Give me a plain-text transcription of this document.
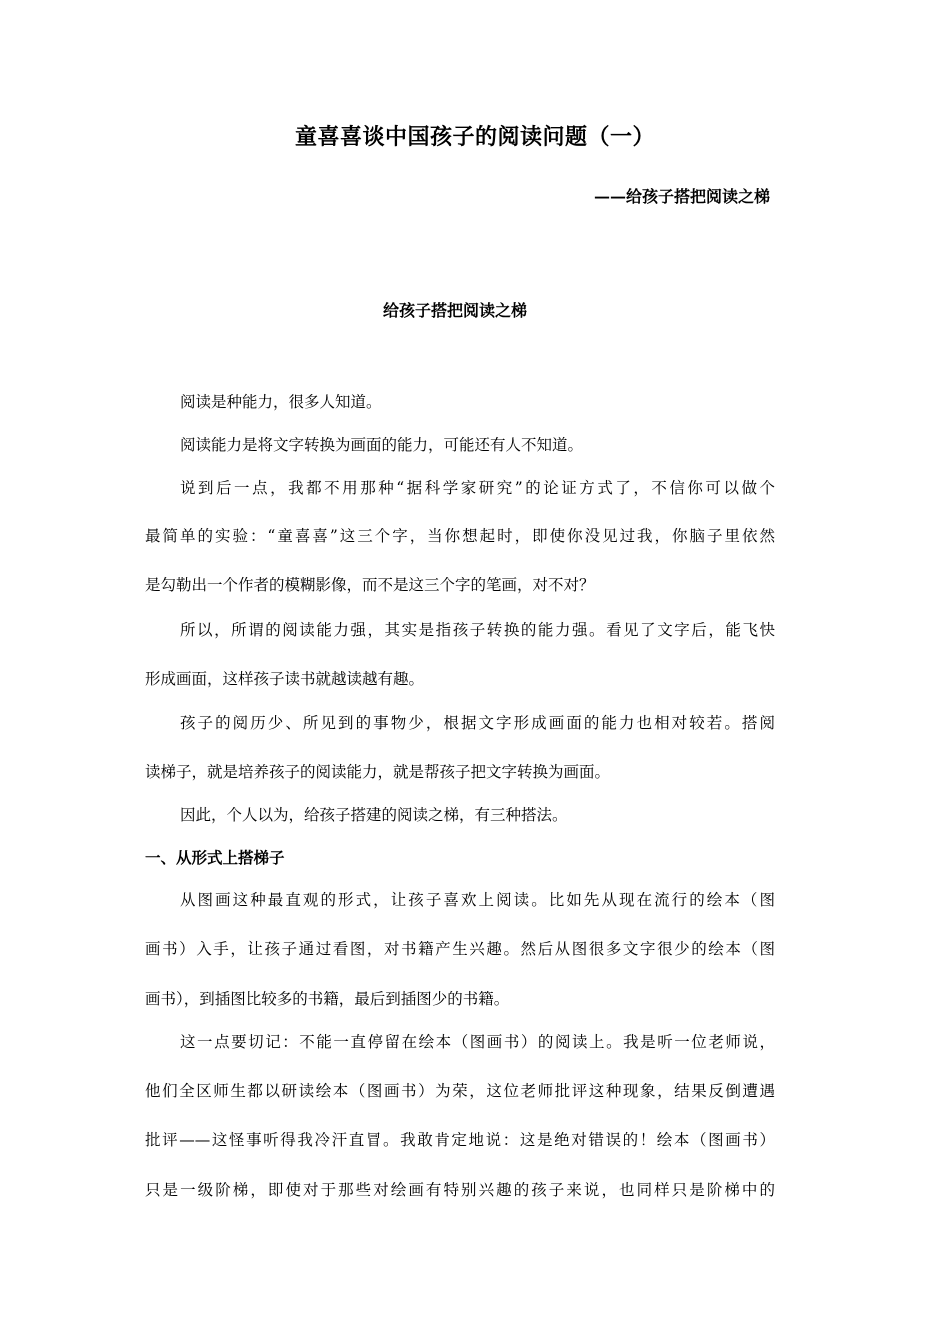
童喜喜谈中国孩子的阅读问题（一）
——给孩子搭把阅读之梯
给孩子搭把阅读之梯
阅读是种能力，很多人知道。
阅读能力是将文字转换为画面的能力，可能还有人不知道。
说到后一点，我都不用那种“据科学家研究”的论证方式了，不信你可以做个
最简单的实验：“童喜喜”这三个字，当你想起时，即使你没见过我，你脑子里依然
是勾勒出一个作者的模糊影像，而不是这三个字的笔画，对不对？
所以，所谓的阅读能力强，其实是指孩子转换的能力强。看见了文字后，能飞快
形成画面，这样孩子读书就越读越有趣。
孩子的阅历少、所见到的事物少，根据文字形成画面的能力也相对较若。搭阅
读梯子，就是培养孩子的阅读能力，就是帮孩子把文字转换为画面。
因此，个人以为，给孩子搭建的阅读之梯，有三种搭法。
一、从形式上搭梯子
从图画这种最直观的形式，让孩子喜欢上阅读。比如先从现在流行的绘本（图
画书）入手，让孩子通过看图，对书籍产生兴趣。然后从图很多文字很少的绘本（图
画书），到插图比较多的书籍，最后到插图少的书籍。
这一点要切记：不能一直停留在绘本（图画书）的阅读上。我是听一位老师说，
他们全区师生都以研读绘本（图画书）为荣，这位老师批评这种现象，结果反倒遭遇
批评——这怪事听得我冷汗直冒。我敢肯定地说：这是绝对错误的！绘本（图画书）
只是一级阶梯，即使对于那些对绘画有特别兴趣的孩子来说，也同样只是阶梯中的
